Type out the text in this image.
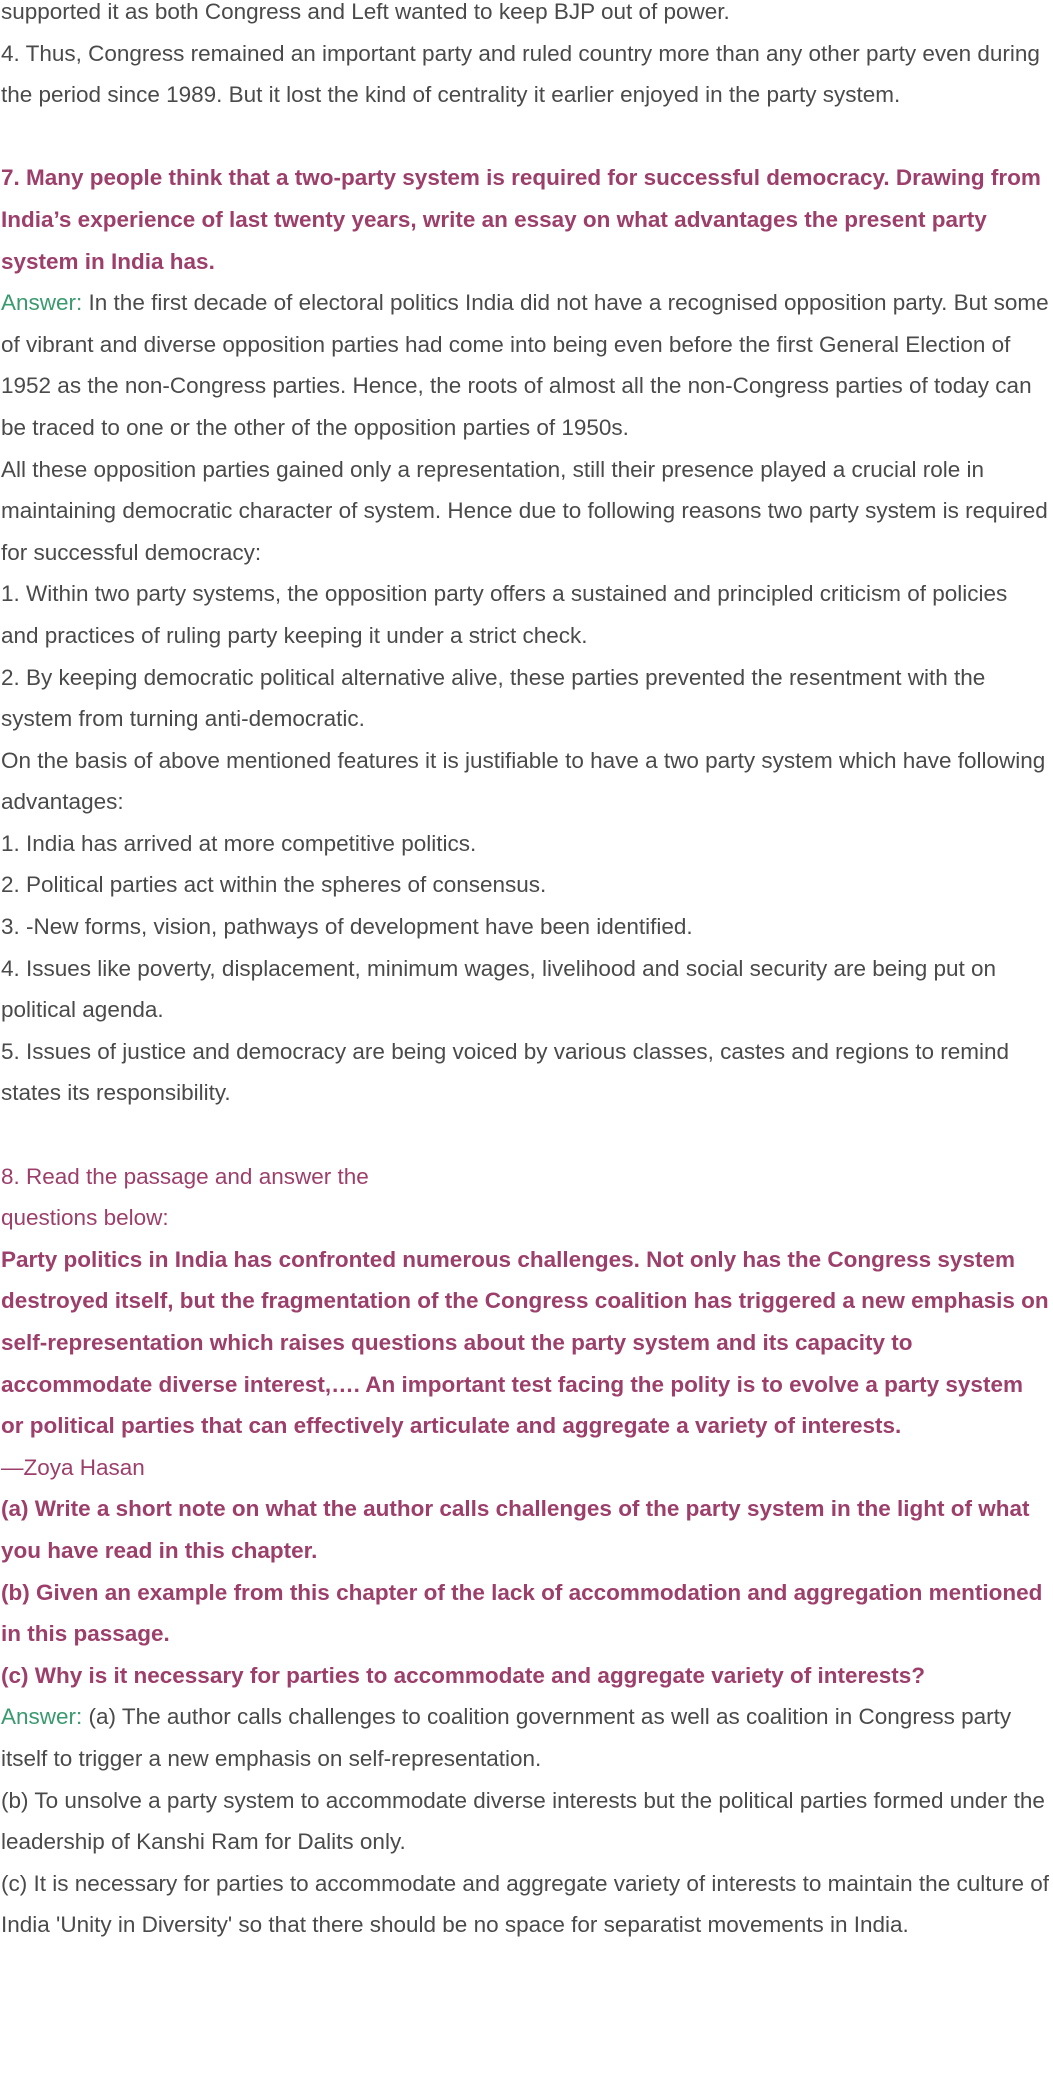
supported it as both Congress and Left wanted to keep BJP out of power.

4. Thus, Congress remained an important party and ruled country more than any other party even during the period since 1989. But it lost the kind of centrality it earlier enjoyed in the party system.

7. Many people think that a two-party system is required for successful democracy. Drawing from India’s experience of last twenty years, write an essay on what advantages the present party system in India has.

Answer: In the first decade of electoral politics India did not have a recognised opposition party. But some of vibrant and diverse opposition parties had come into being even before the first General Election of 1952 as the non-Congress parties. Hence, the roots of almost all the non-Congress parties of today can be traced to one or the other of the opposition parties of 1950s.

All these opposition parties gained only a representation, still their presence played a crucial role in maintaining democratic character of system. Hence due to following reasons two party system is required for successful democracy:

1. Within two party systems, the opposition party offers a sustained and principled criticism of policies and practices of ruling party keeping it under a strict check.

2. By keeping democratic political alternative alive, these parties prevented the resentment with the system from turning anti-democratic.

On the basis of above mentioned features it is justifiable to have a two party system which have following advantages:

1. India has arrived at more competitive politics.

2. Political parties act within the spheres of consensus.

3. -New forms, vision, pathways of development have been identified.

4. Issues like poverty, displacement, minimum wages, livelihood and social security are being put on political agenda.

5. Issues of justice and democracy are being voiced by various classes, castes and regions to remind states its responsibility.

8. Read the passage and answer the

questions below:

Party politics in India has confronted numerous challenges. Not only has the Congress system destroyed itself, but the fragmentation of the Congress coalition has triggered a new emphasis on self-representation which raises questions about the party system and its capacity to accommodate diverse interest,…. An important test facing the polity is to evolve a party system or political parties that can effectively articulate and aggregate a variety of interests.

—Zoya Hasan

(a) Write a short note on what the author calls challenges of the party system in the light of what you have read in this chapter.

(b) Given an example from this chapter of the lack of accommodation and aggregation mentioned in this passage.

(c) Why is it necessary for parties to accommodate and aggregate variety of interests?

Answer: (a) The author calls challenges to coalition government as well as coalition in Congress party itself to trigger a new emphasis on self-representation.

(b) To unsolve a party system to accommodate diverse interests but the political parties formed under the leadership of Kanshi Ram for Dalits only.

(c) It is necessary for parties to accommodate and aggregate variety of interests to maintain the culture of India 'Unity in Diversity' so that there should be no space for separatist movements in India.
